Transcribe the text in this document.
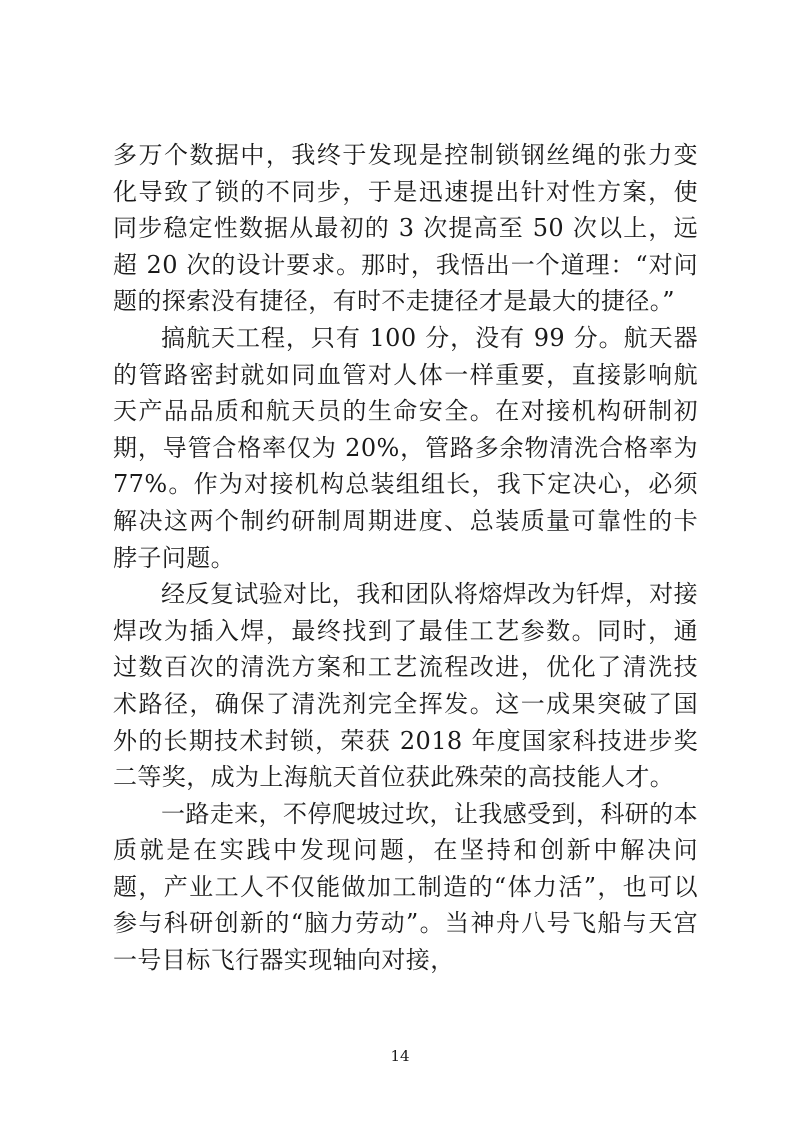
多万个数据中，我终于发现是控制锁钢丝绳的张力变化导致了锁的不同步，于是迅速提出针对性方案，使同步稳定性数据从最初的 3 次提高至 50 次以上，远超 20 次的设计要求。那时，我悟出一个道理：“对问题的探索没有捷径，有时不走捷径才是最大的捷径。”

搞航天工程，只有 100 分，没有 99 分。航天器的管路密封就如同血管对人体一样重要，直接影响航天产品品质和航天员的生命安全。在对接机构研制初期，导管合格率仅为 20%，管路多余物清洗合格率为 77%。作为对接机构总装组组长，我下定决心，必须解决这两个制约研制周期进度、总装质量可靠性的卡脖子问题。

经反复试验对比，我和团队将熔焊改为钎焊，对接焊改为插入焊，最终找到了最佳工艺参数。同时，通过数百次的清洗方案和工艺流程改进，优化了清洗技术路径，确保了清洗剂完全挥发。这一成果突破了国外的长期技术封锁，荣获 2018 年度国家科技进步奖二等奖，成为上海航天首位获此殊荣的高技能人才。

一路走来，不停爬坡过坎，让我感受到，科研的本质就是在实践中发现问题，在坚持和创新中解决问题，产业工人不仅能做加工制造的“体力活”，也可以参与科研创新的“脑力劳动”。当神舟八号飞船与天宫一号目标飞行器实现轴向对接，

14
